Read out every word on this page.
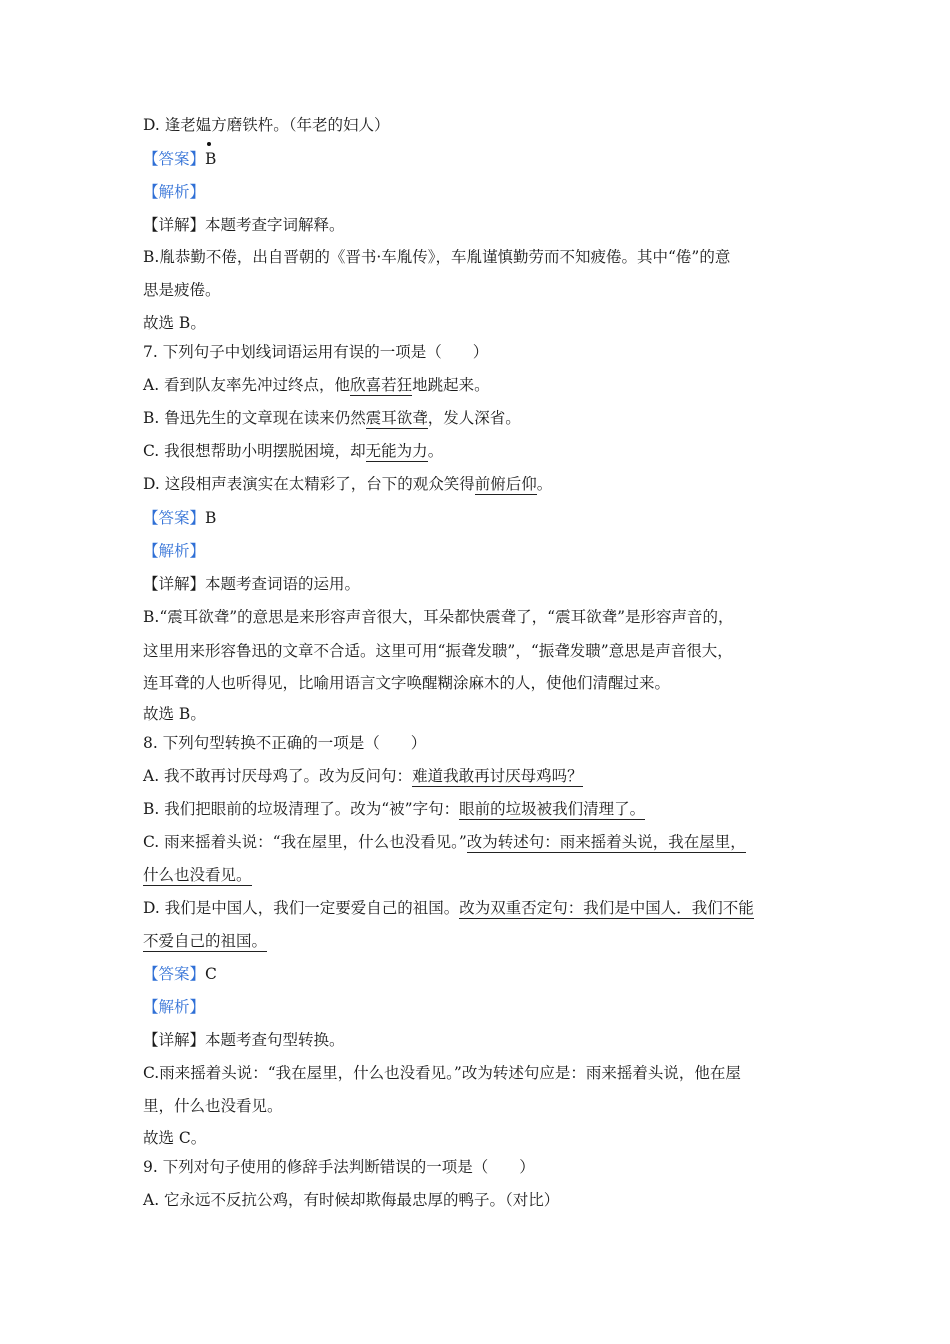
D. 逢老媪方磨铁杵。（年老的妇人）
【答案】B
【解析】
【详解】本题考查字词解释。
B.胤恭勤不倦，出自晋朝的《晋书·车胤传》，车胤谨慎勤劳而不知疲倦。其中“倦”的意
思是疲倦。
故选 B。
7. 下列句子中划线词语运用有误的一项是（　　）
A. 看到队友率先冲过终点，他欣喜若狂地跳起来。
B. 鲁迅先生的文章现在读来仍然震耳欲聋，发人深省。
C. 我很想帮助小明摆脱困境，却无能为力。
D. 这段相声表演实在太精彩了，台下的观众笑得前俯后仰。
【答案】B
【解析】
【详解】本题考查词语的运用。
B.“震耳欲聋”的意思是来形容声音很大，耳朵都快震聋了，“震耳欲聋”是形容声音的，
这里用来形容鲁迅的文章不合适。这里可用“振聋发聩”，“振聋发聩”意思是声音很大，
连耳聋的人也听得见，比喻用语言文字唤醒糊涂麻木的人，使他们清醒过来。
故选 B。
8. 下列句型转换不正确的一项是（　　）
A. 我不敢再讨厌母鸡了。改为反问句：难道我敢再讨厌母鸡吗？
B. 我们把眼前的垃圾清理了。改为“被”字句：眼前的垃圾被我们清理了。
C. 雨来摇着头说：“我在屋里，什么也没看见。”改为转述句：雨来摇着头说，我在屋里，
什么也没看见。
D. 我们是中国人，我们一定要爱自己的祖国。改为双重否定句：我们是中国人．我们不能
不爱自己的祖国。
【答案】C
【解析】
【详解】本题考查句型转换。
C.雨来摇着头说：“我在屋里，什么也没看见。”改为转述句应是：雨来摇着头说，他在屋
里，什么也没看见。
故选 C。
9. 下列对句子使用的修辞手法判断错误的一项是（　　）
A. 它永远不反抗公鸡，有时候却欺侮最忠厚的鸭子。（对比）
